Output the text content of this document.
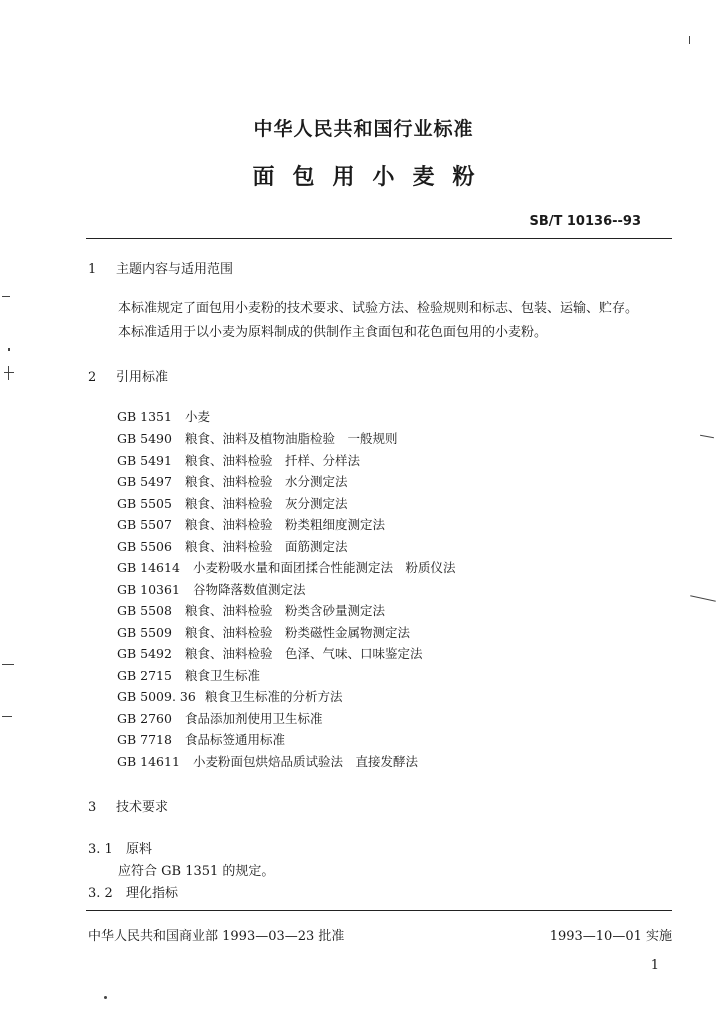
中华人民共和国行业标准
面包用小麦粉
SB/T 10136--93
1 主题内容与适用范围
本标准规定了面包用小麦粉的技术要求、试验方法、检验规则和标志、包装、运输、贮存。
本标准适用于以小麦为原料制成的供制作主食面包和花色面包用的小麦粉。
2 引用标准
GB 1351 小麦
GB 5490 粮食、油料及植物油脂检验　一般规则
GB 5491 粮食、油料检验　扦样、分样法
GB 5497 粮食、油料检验　水分测定法
GB 5505 粮食、油料检验　灰分测定法
GB 5507 粮食、油料检验　粉类粗细度测定法
GB 5506 粮食、油料检验　面筋测定法
GB 14614 小麦粉吸水量和面团揉合性能测定法　粉质仪法
GB 10361 谷物降落数值测定法
GB 5508 粮食、油料检验　粉类含砂量测定法
GB 5509 粮食、油料检验　粉类磁性金属物测定法
GB 5492 粮食、油料检验　色泽、气味、口味鉴定法
GB 2715 粮食卫生标准
GB 5009. 36 粮食卫生标准的分析方法
GB 2760 食品添加剂使用卫生标准
GB 7718 食品标签通用标准
GB 14611 小麦粉面包烘焙品质试验法　直接发酵法
3 技术要求
3. 1 原料
应符合 GB 1351 的规定。
3. 2 理化指标
中华人民共和国商业部 1993—03—23 批准	1993—10—01 实施
1
